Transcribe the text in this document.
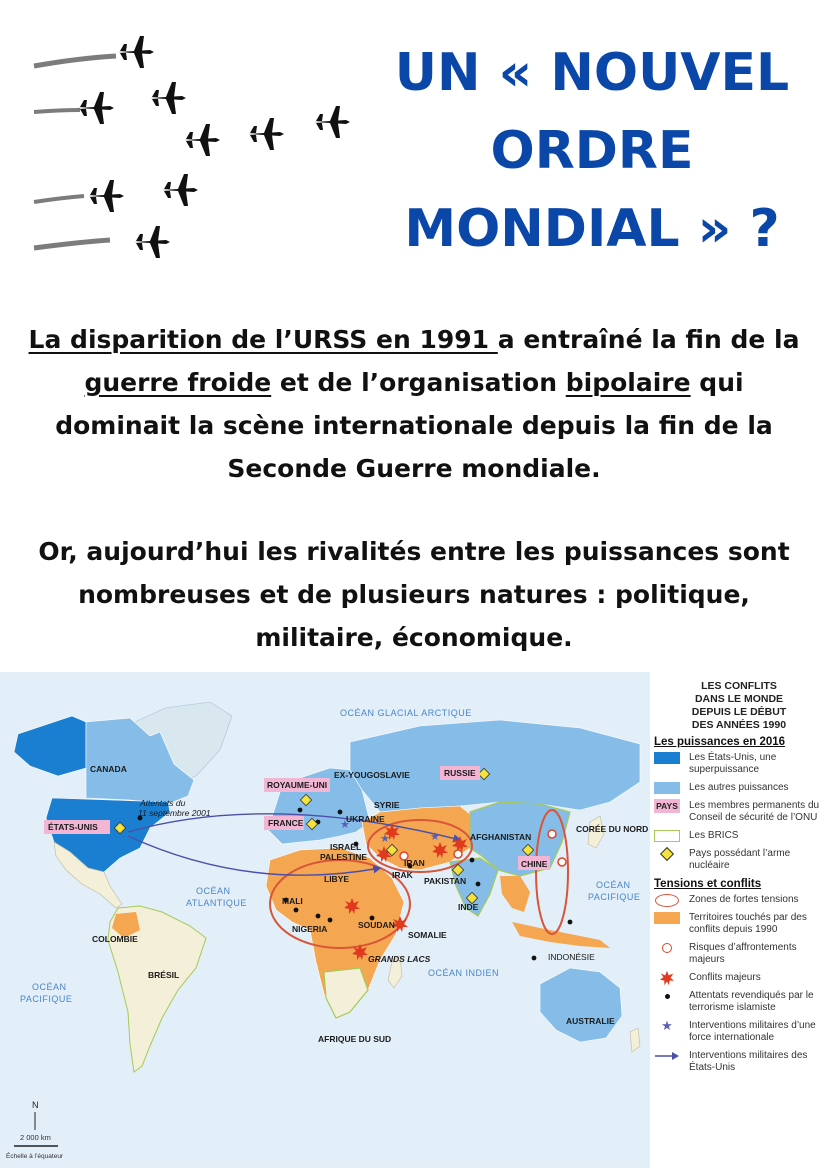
UN « NOUVEL
ORDRE
MONDIAL » ?

La disparition de l’URSS en 1991 a entraîné la fin de la
guerre froide et de l’organisation bipolaire qui
dominait la scène internationale depuis la fin de la
Seconde Guerre mondiale.

Or, aujourd’hui les rivalités entre les puissances sont
nombreuses et de plusieurs natures : politique,
militaire, économique.

★
★
★
OCÉAN GLACIAL ARCTIQUE
OCÉAN
ATLANTIQUE
OCÉAN
PACIFIQUE
OCÉAN
PACIFIQUE
OCÉAN INDIEN
CANADA
ÉTATS-UNIS
Attentats du
11 septembre 2001
ROYAUME-UNI
FRANCE
EX-YOUGOSLAVIE	RUSSIE
UKRAINE
SYRIE
ISRAËL
PALESTINE
LIBYE	IRAK
IRAN
AFGHANISTAN
PAKISTAN
CORÉE DU NORD
CHINE
INDE
MALI
NIGERIA	SOUDAN
SOMALIE
GRANDS LACS
COLOMBIE
BRÉSIL
AFRIQUE DU SUD
INDONÉSIE
AUSTRALIE
N
2 000 km
Échelle à l’équateur
LES CONFLITS
DANS LE MONDE
DEPUIS LE DÉBUT
DES ANNÉES 1990
Les puissances en 2016
Les États-Unis, une superpuissance
Les autres puissances
PAYS Les membres permanents du Conseil de sécurité de l’ONU
Les BRICS
Pays possédant l’arme nucléaire
Tensions et conflits
Zones de fortes tensions
Territoires touchés par des conflits depuis 1990
Risques d’affrontements majeurs
Conflits majeurs
Attentats revendiqués par le terrorisme islamiste
★	Interventions militaires d’une force internationale
Interventions militaires des États-Unis
